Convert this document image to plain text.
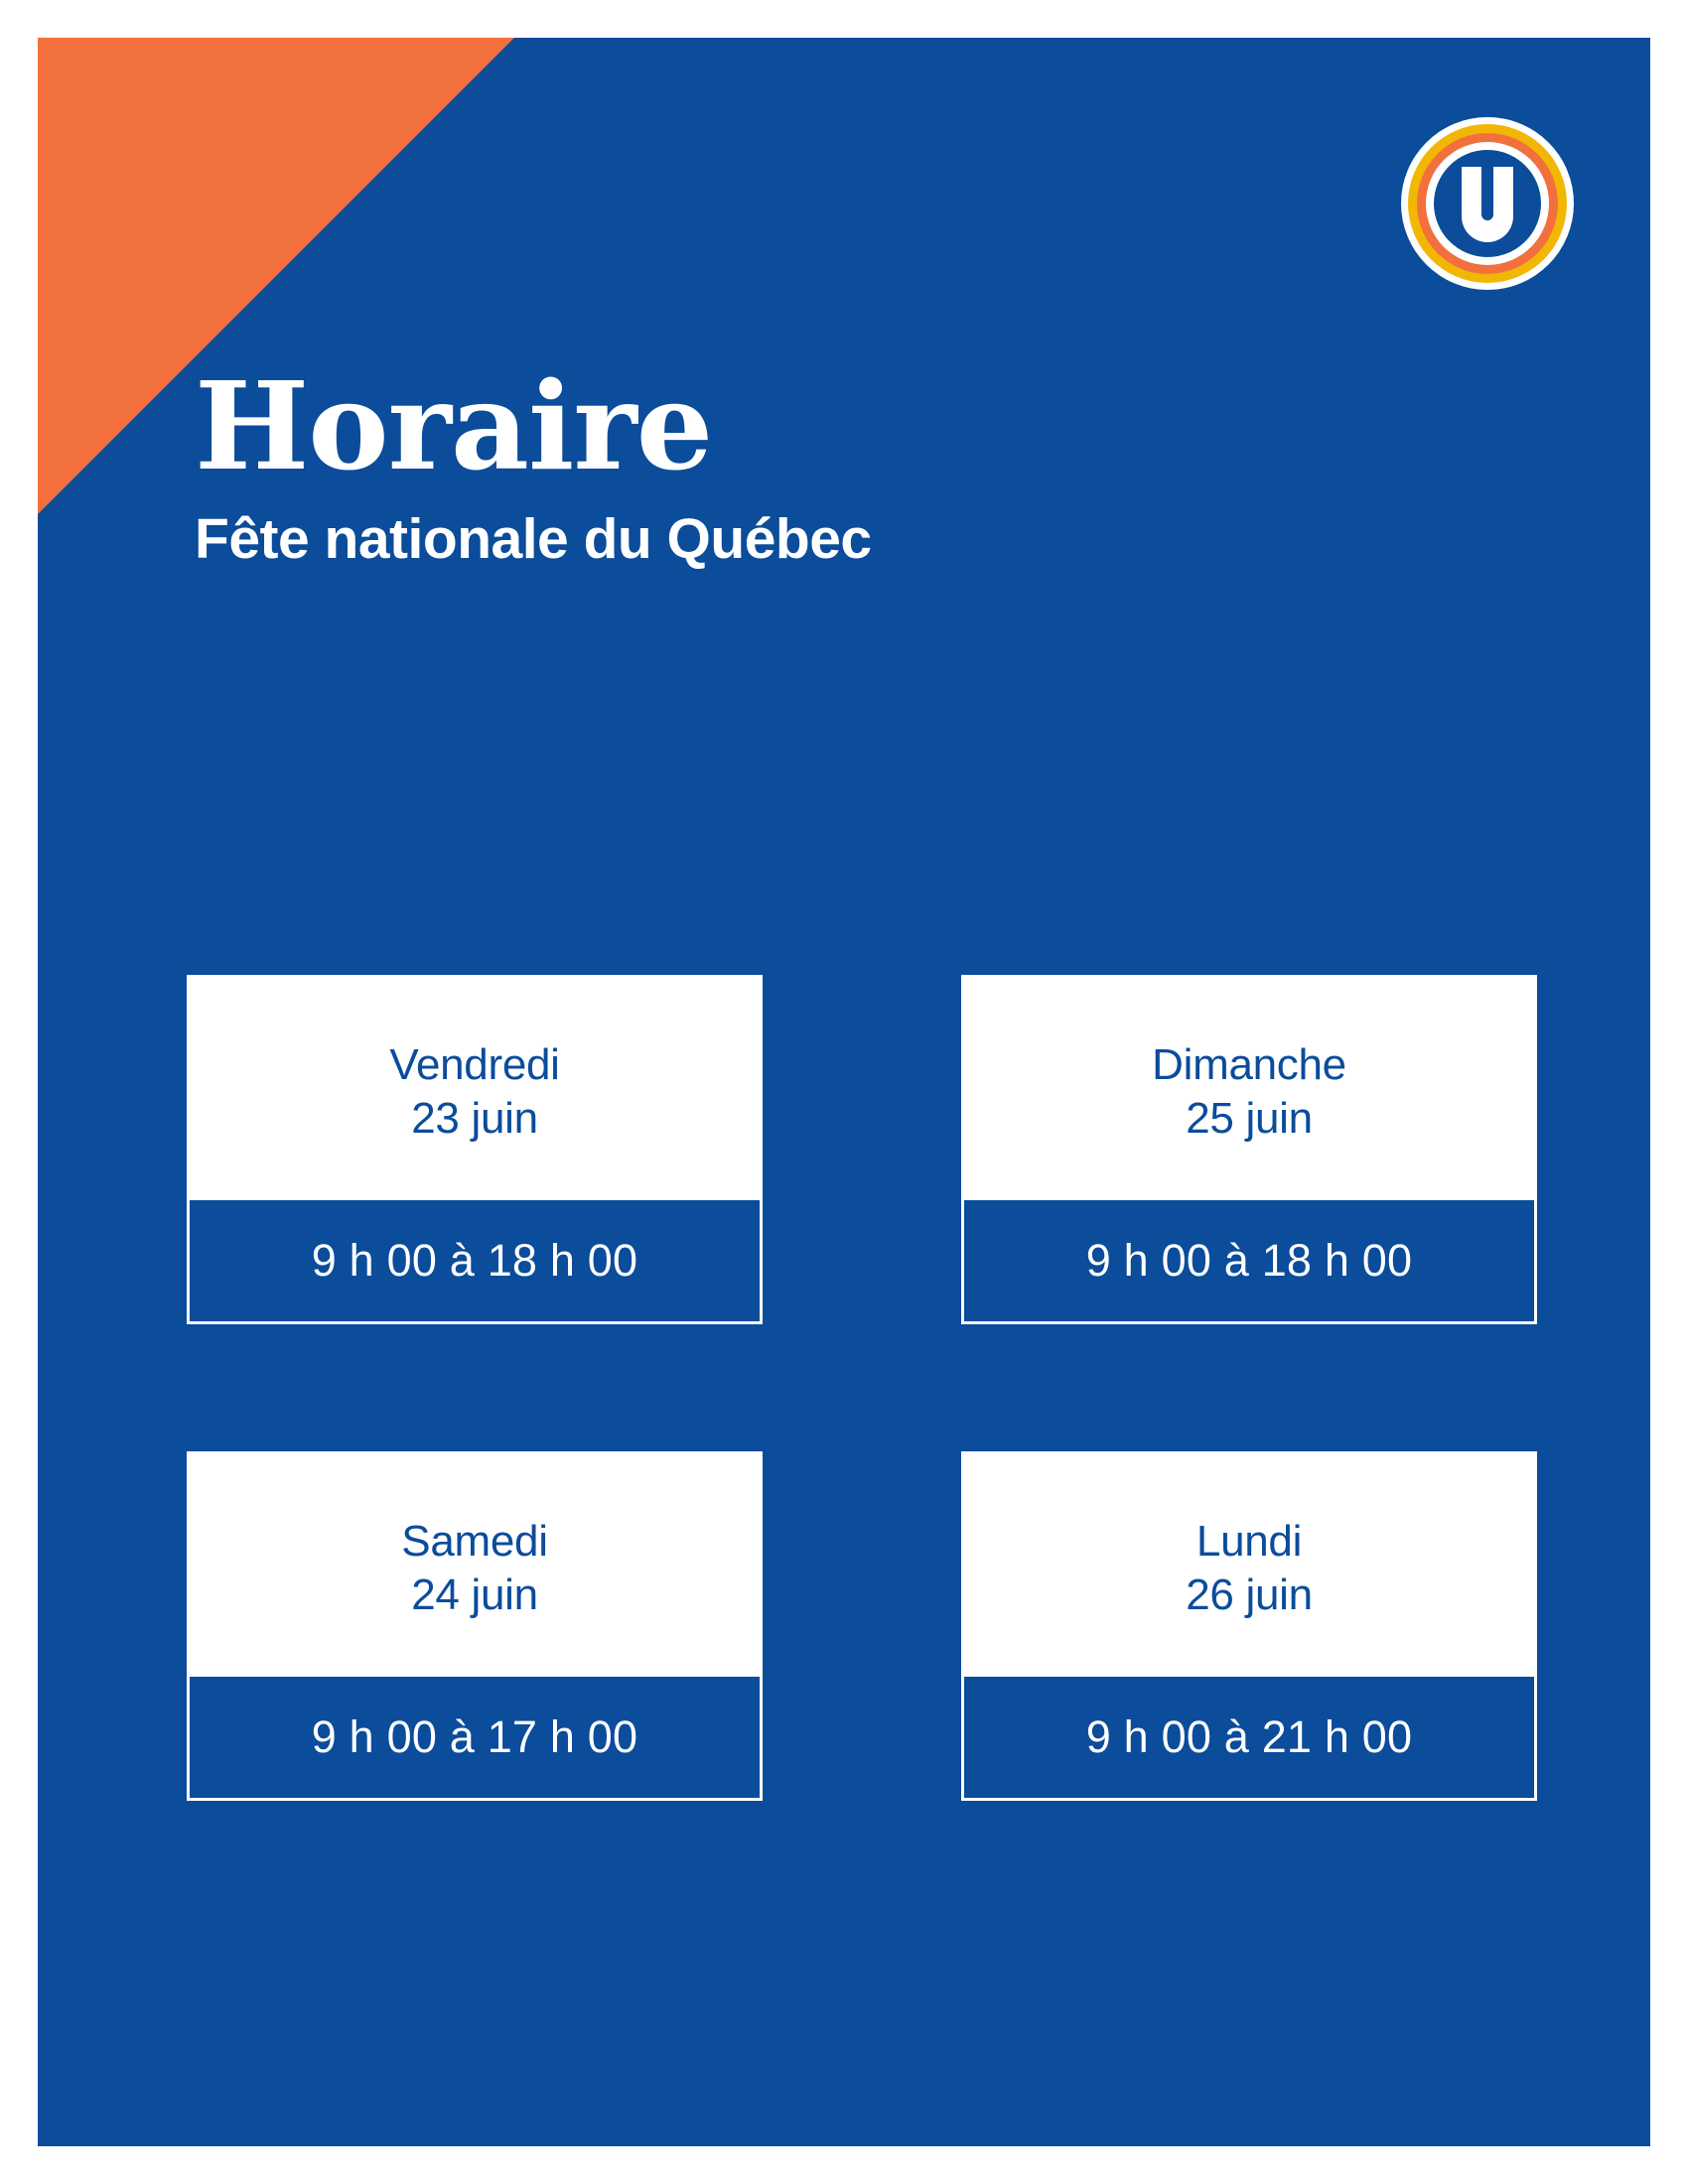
Horaire
Fête nationale du Québec
Vendredi
23 juin
9 h 00 à 18 h 00
Dimanche
25 juin
9 h 00 à 18 h 00
Samedi
24 juin
9 h 00 à 17 h 00
Lundi
26 juin
9 h 00 à 21 h 00
